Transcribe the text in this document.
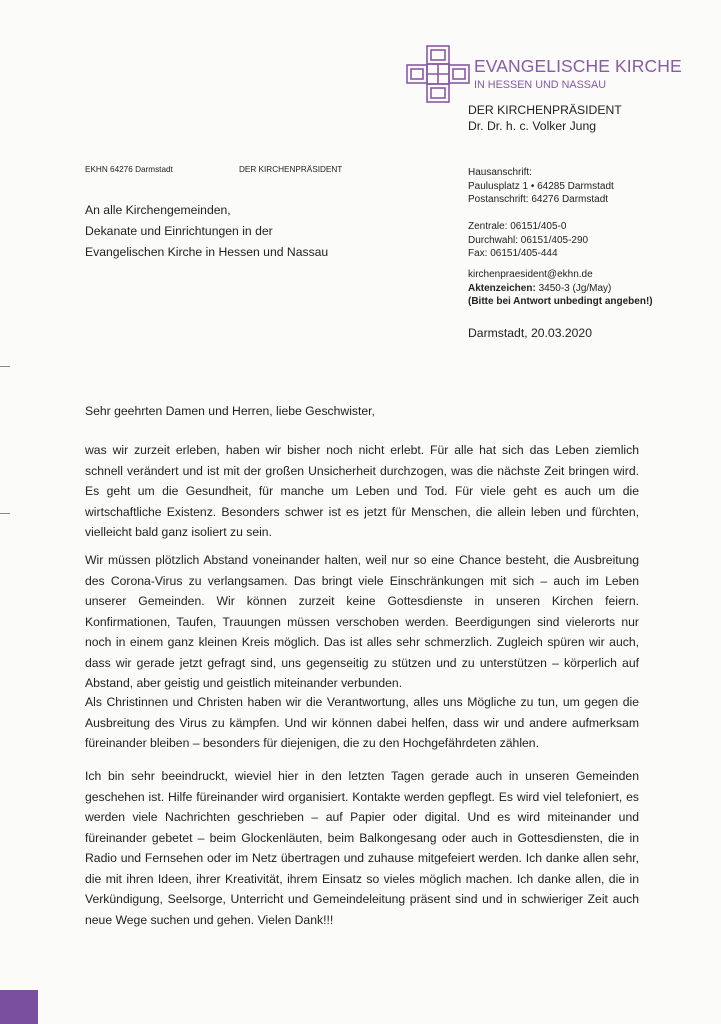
EVANGELISCHE KIRCHE
IN HESSEN UND NASSAU
DER KIRCHENPRÄSIDENT
Dr. Dr. h. c. Volker Jung
EKHN 64276 Darmstadt	DER KIRCHENPRÄSIDENT
An alle Kirchengemeinden,
Dekanate und Einrichtungen in der
Evangelischen Kirche in Hessen und Nassau
Hausanschrift:
Paulusplatz 1 • 64285 Darmstadt
Postanschrift: 64276 Darmstadt
Zentrale: 06151/405-0
Durchwahl: 06151/405-290
Fax: 06151/405-444
kirchenpraesident@ekhn.de
Aktenzeichen: 3450-3 (Jg/May)
(Bitte bei Antwort unbedingt angeben!)
Darmstadt, 20.03.2020
Sehr geehrten Damen und Herren, liebe Geschwister,

was wir zurzeit erleben, haben wir bisher noch nicht erlebt. Für alle hat sich das Leben ziemlich schnell verändert und ist mit der großen Unsicherheit durchzogen, was die nächste Zeit bringen wird. Es geht um die Gesundheit, für manche um Leben und Tod. Für viele geht es auch um die wirtschaftliche Existenz. Besonders schwer ist es jetzt für Menschen, die allein leben und fürchten, vielleicht bald ganz isoliert zu sein.

Wir müssen plötzlich Abstand voneinander halten, weil nur so eine Chance besteht, die Ausbreitung des Corona-Virus zu verlangsamen. Das bringt viele Einschränkungen mit sich – auch im Leben unserer Gemeinden. Wir können zurzeit keine Gottesdienste in unseren Kirchen feiern. Konfirmationen, Taufen, Trauungen müssen verschoben werden. Beerdigungen sind vielerorts nur noch in einem ganz kleinen Kreis möglich. Das ist alles sehr schmerzlich. Zugleich spüren wir auch, dass wir gerade jetzt gefragt sind, uns gegenseitig zu stützen und zu unterstützen – körperlich auf Abstand, aber geistig und geistlich miteinander verbunden.

Als Christinnen und Christen haben wir die Verantwortung, alles uns Mögliche zu tun, um gegen die Ausbreitung des Virus zu kämpfen. Und wir können dabei helfen, dass wir und andere aufmerksam füreinander bleiben – besonders für diejenigen, die zu den Hochgefährdeten zählen.

Ich bin sehr beeindruckt, wieviel hier in den letzten Tagen gerade auch in unseren Gemeinden geschehen ist. Hilfe füreinander wird organisiert. Kontakte werden gepflegt. Es wird viel telefoniert, es werden viele Nachrichten geschrieben – auf Papier oder digital. Und es wird miteinander und füreinander gebetet – beim Glockenläuten, beim Balkongesang oder auch in Gottesdiensten, die in Radio und Fernsehen oder im Netz übertragen und zuhause mitgefeiert werden. Ich danke allen sehr, die mit ihren Ideen, ihrer Kreativität, ihrem Einsatz so vieles möglich machen. Ich danke allen, die in Verkündigung, Seelsorge, Unterricht und Gemeindeleitung präsent sind und in schwieriger Zeit auch neue Wege suchen und gehen. Vielen Dank!!!
